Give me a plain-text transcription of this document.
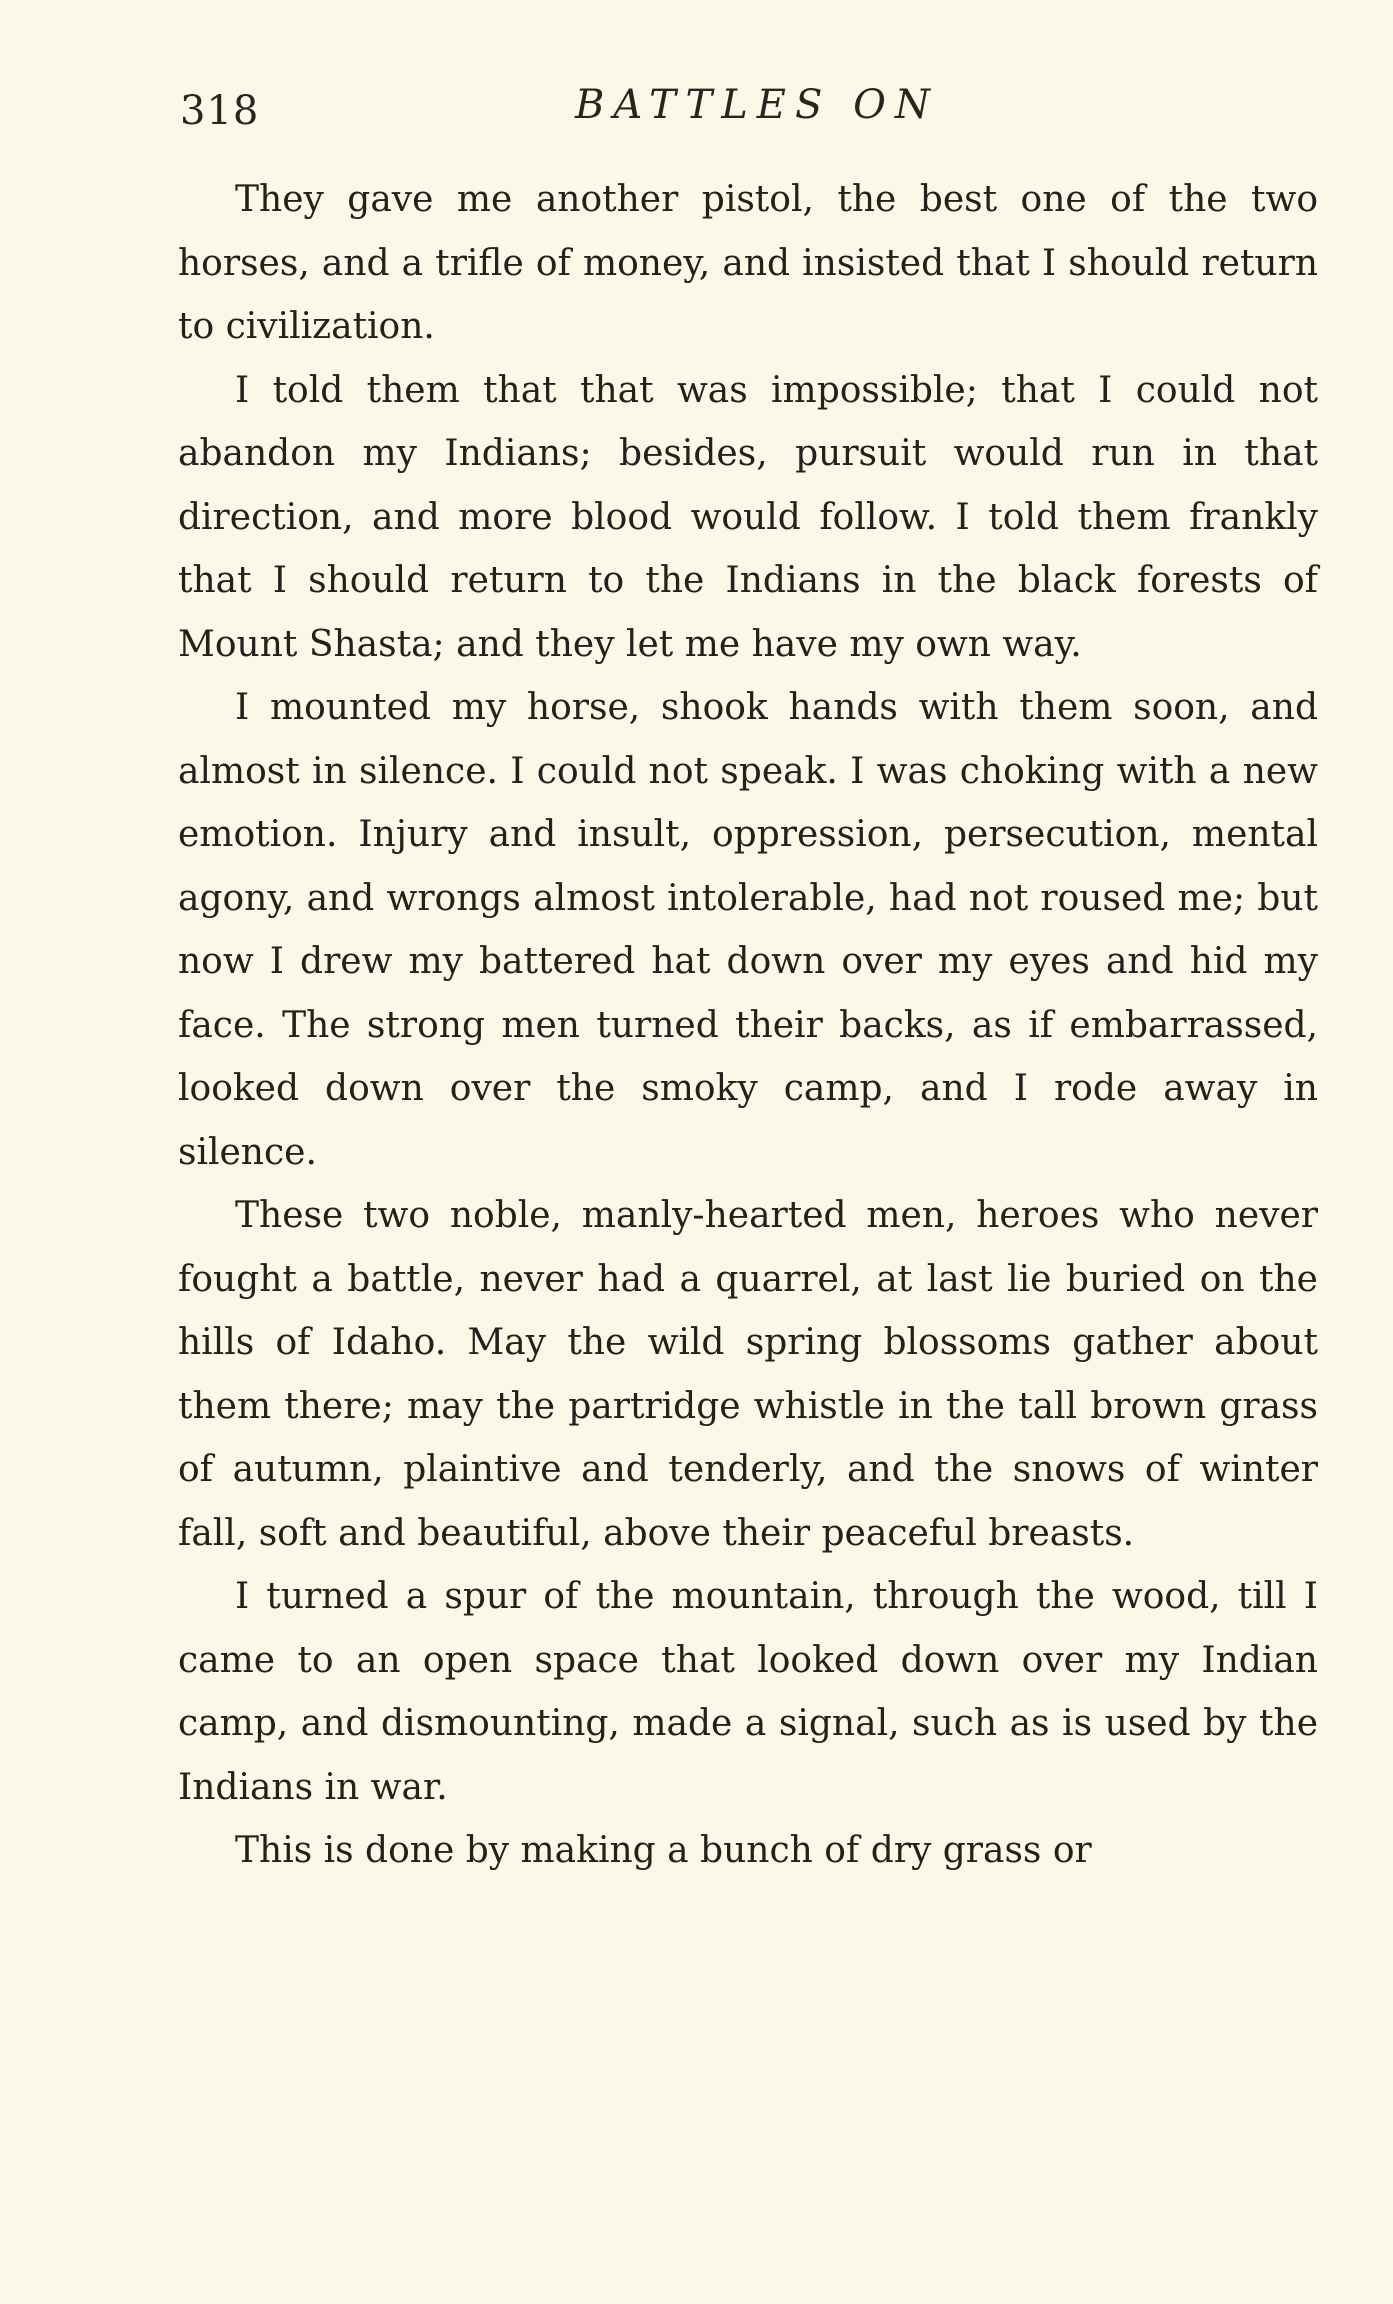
318	BATTLES ON

They gave me another pistol, the best one of the two horses, and a trifle of money, and insisted that I should return to civilization.

I told them that that was impossible; that I could not abandon my Indians; besides, pursuit would run in that direction, and more blood would follow. I told them frankly that I should return to the Indians in the black forests of Mount Shasta; and they let me have my own way.

I mounted my horse, shook hands with them soon, and almost in silence. I could not speak. I was choking with a new emotion. Injury and insult, oppression, persecution, mental agony, and wrongs almost intolerable, had not roused me; but now I drew my battered hat down over my eyes and hid my face. The strong men turned their backs, as if embarrassed, looked down over the smoky camp, and I rode away in silence.

These two noble, manly-hearted men, heroes who never fought a battle, never had a quarrel, at last lie buried on the hills of Idaho. May the wild spring blossoms gather about them there; may the partridge whistle in the tall brown grass of autumn, plaintive and tenderly, and the snows of winter fall, soft and beautiful, above their peaceful breasts.

I turned a spur of the mountain, through the wood, till I came to an open space that looked down over my Indian camp, and dismounting, made a signal, such as is used by the Indians in war.

This is done by making a bunch of dry grass or
